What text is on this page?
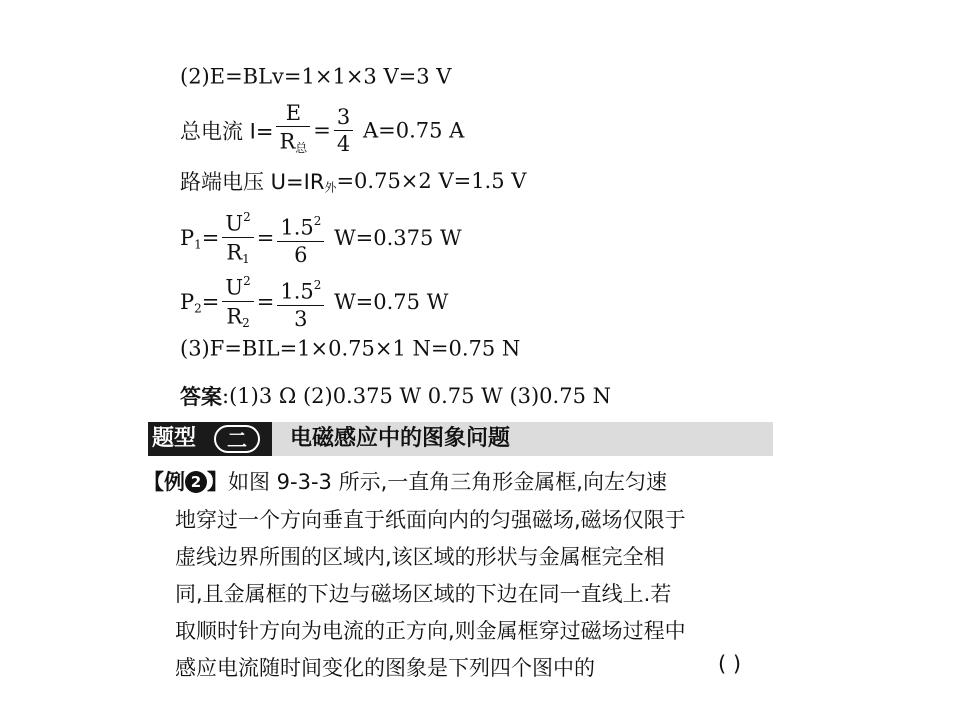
(2)E=BLv=1×1×3 V=3 V
总电流 $I= \frac{E}{R_总} = \frac{3}{4} A=0.75$ A
路端电压 $U=IR_外=0.75\times 2$ V=1.5 V
$P_1= \frac{U^2}{R_1} = \frac{1.5^2}{6} W=0.375$ W
$P_2= \frac{U^2}{R_2} = \frac{1.5^2}{3} W=0.75$ W
(3)F=BIL=1×0.75×1 N=0.75 N
答案:(1)3 Ω (2)0.375 W 0.75 W (3)0.75 N
题型	二	电磁感应中的图象问题
【例 2 】如图 9-3-3 所示,一直角三角形金属框,向左匀速
地穿过一个方向垂直于纸面向内的匀强磁场,磁场仅限于
虚线边界所围的区域内,该区域的形状与金属框完全相
同,且金属框的下边与磁场区域的下边在同一直线上.若
取顺时针方向为电流的正方向,则金属框穿过磁场过程中
感应电流随时间变化的图象是下列四个图中的	( )
